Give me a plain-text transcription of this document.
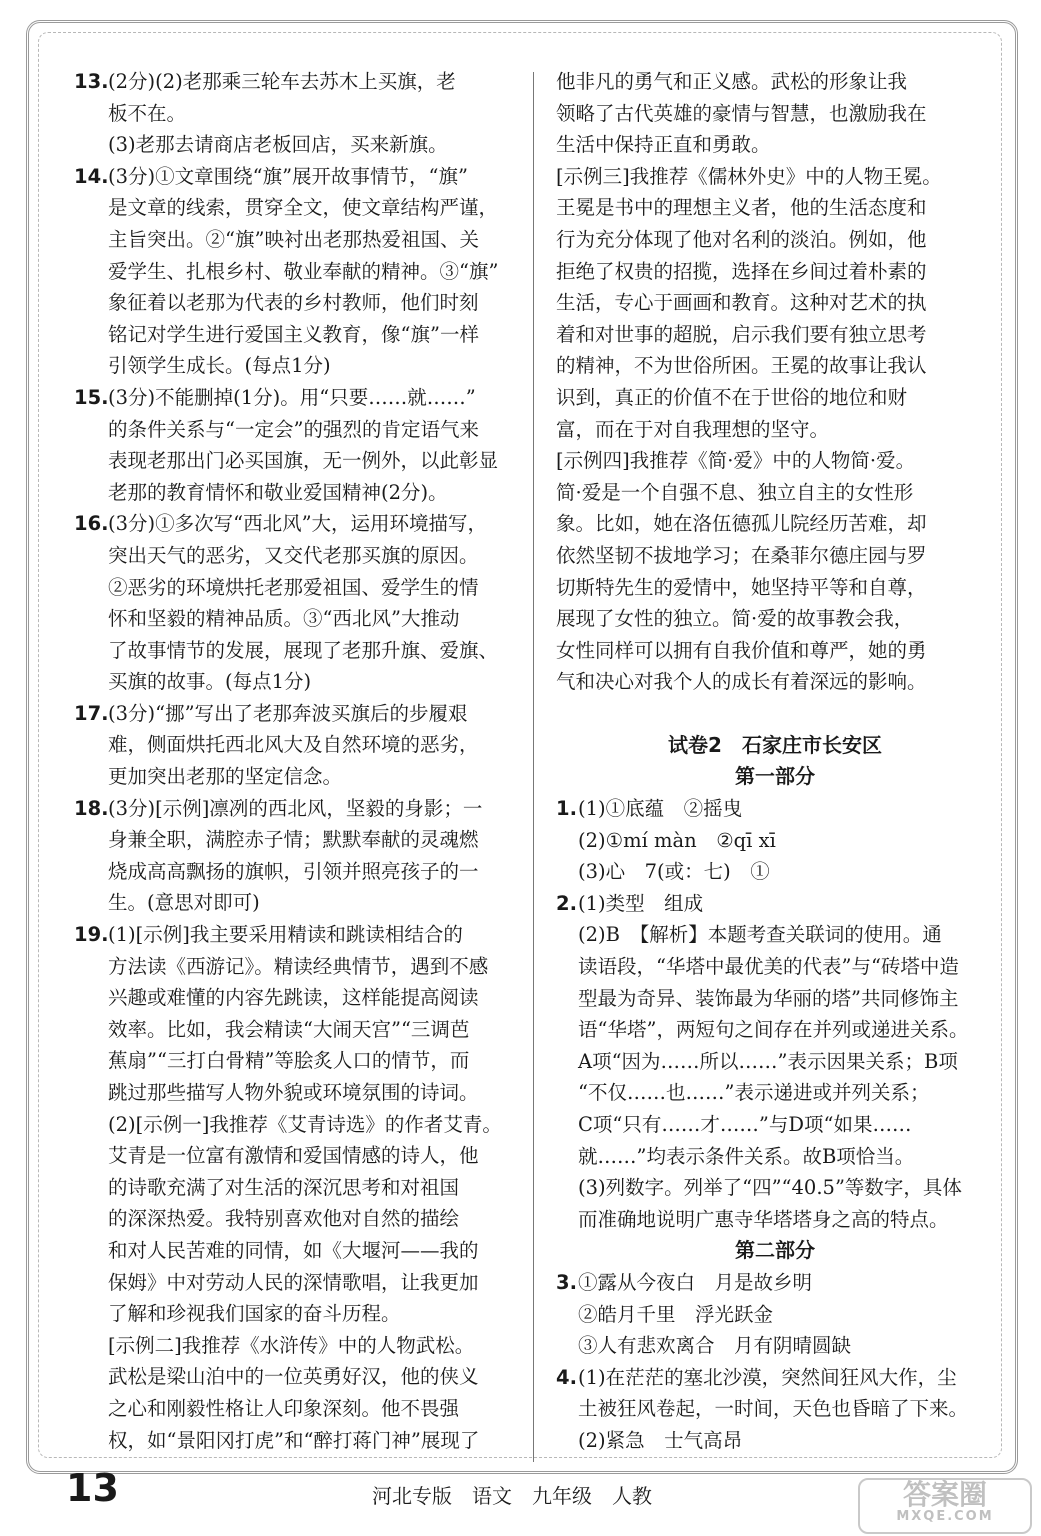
13.(2分)(2)老那乘三轮车去苏木上买旗，老

板不在。

(3)老那去请商店老板回店，买来新旗。

14.(3分)①文章围绕“旗”展开故事情节，“旗”

是文章的线索，贯穿全文，使文章结构严谨，

主旨突出。②“旗”映衬出老那热爱祖国、关

爱学生、扎根乡村、敬业奉献的精神。③“旗”

象征着以老那为代表的乡村教师，他们时刻

铭记对学生进行爱国主义教育，像“旗”一样

引领学生成长。(每点1分)

15.(3分)不能删掉(1分)。用“只要……就……”

的条件关系与“一定会”的强烈的肯定语气来

表现老那出门必买国旗，无一例外，以此彰显

老那的教育情怀和敬业爱国精神(2分)。

16.(3分)①多次写“西北风”大，运用环境描写，

突出天气的恶劣，又交代老那买旗的原因。

②恶劣的环境烘托老那爱祖国、爱学生的情

怀和坚毅的精神品质。③“西北风”大推动

了故事情节的发展，展现了老那升旗、爱旗、

买旗的故事。(每点1分)

17.(3分)“挪”写出了老那奔波买旗后的步履艰

难，侧面烘托西北风大及自然环境的恶劣，

更加突出老那的坚定信念。

18.(3分)[示例]凛冽的西北风，坚毅的身影；一

身兼全职，满腔赤子情；默默奉献的灵魂燃

烧成高高飘扬的旗帜，引领并照亮孩子的一

生。(意思对即可)

19.(1)[示例]我主要采用精读和跳读相结合的

方法读《西游记》。精读经典情节，遇到不感

兴趣或难懂的内容先跳读，这样能提高阅读

效率。比如，我会精读“大闹天宫”“三调芭

蕉扇”“三打白骨精”等脍炙人口的情节，而

跳过那些描写人物外貌或环境氛围的诗词。

(2)[示例一]我推荐《艾青诗选》的作者艾青。

艾青是一位富有激情和爱国情感的诗人，他

的诗歌充满了对生活的深沉思考和对祖国

的深深热爱。我特别喜欢他对自然的描绘

和对人民苦难的同情，如《大堰河——我的

保姆》中对劳动人民的深情歌唱，让我更加

了解和珍视我们国家的奋斗历程。

[示例二]我推荐《水浒传》中的人物武松。

武松是梁山泊中的一位英勇好汉，他的侠义

之心和刚毅性格让人印象深刻。他不畏强

权，如“景阳冈打虎”和“醉打蒋门神”展现了

他非凡的勇气和正义感。武松的形象让我

领略了古代英雄的豪情与智慧，也激励我在

生活中保持正直和勇敢。

[示例三]我推荐《儒林外史》中的人物王冕。

王冕是书中的理想主义者，他的生活态度和

行为充分体现了他对名利的淡泊。例如，他

拒绝了权贵的招揽，选择在乡间过着朴素的

生活，专心于画画和教育。这种对艺术的执

着和对世事的超脱，启示我们要有独立思考

的精神，不为世俗所困。王冕的故事让我认

识到，真正的价值不在于世俗的地位和财

富，而在于对自我理想的坚守。

[示例四]我推荐《简·爱》中的人物简·爱。

简·爱是一个自强不息、独立自主的女性形

象。比如，她在洛伍德孤儿院经历苦难，却

依然坚韧不拔地学习；在桑菲尔德庄园与罗

切斯特先生的爱情中，她坚持平等和自尊，

展现了女性的独立。简·爱的故事教会我，

女性同样可以拥有自我价值和尊严，她的勇

气和决心对我个人的成长有着深远的影响。

试卷2　石家庄市长安区

第一部分

1.(1)①底蕴　②摇曳

(2)①mí màn　②qī xī

(3)心　7(或：七)　①

2.(1)类型　组成

(2)B　【解析】本题考查关联词的使用。通

读语段，“华塔中最优美的代表”与“砖塔中造

型最为奇异、装饰最为华丽的塔”共同修饰主

语“华塔”，两短句之间存在并列或递进关系。

A项“因为……所以……”表示因果关系；B项

“不仅……也……”表示递进或并列关系；

C项“只有……才……”与D项“如果……

就……”均表示条件关系。故B项恰当。

(3)列数字。列举了“四”“40.5”等数字，具体

而准确地说明广惠寺华塔塔身之高的特点。

第二部分

3.①露从今夜白　月是故乡明

②皓月千里　浮光跃金

③人有悲欢离合　月有阴晴圆缺

4.(1)在茫茫的塞北沙漠，突然间狂风大作，尘

土被狂风卷起，一时间，天色也昏暗了下来。

(2)紧急　士气高昂

13	河北专版　语文　九年级　人教	答案圈
MXQE.COM
